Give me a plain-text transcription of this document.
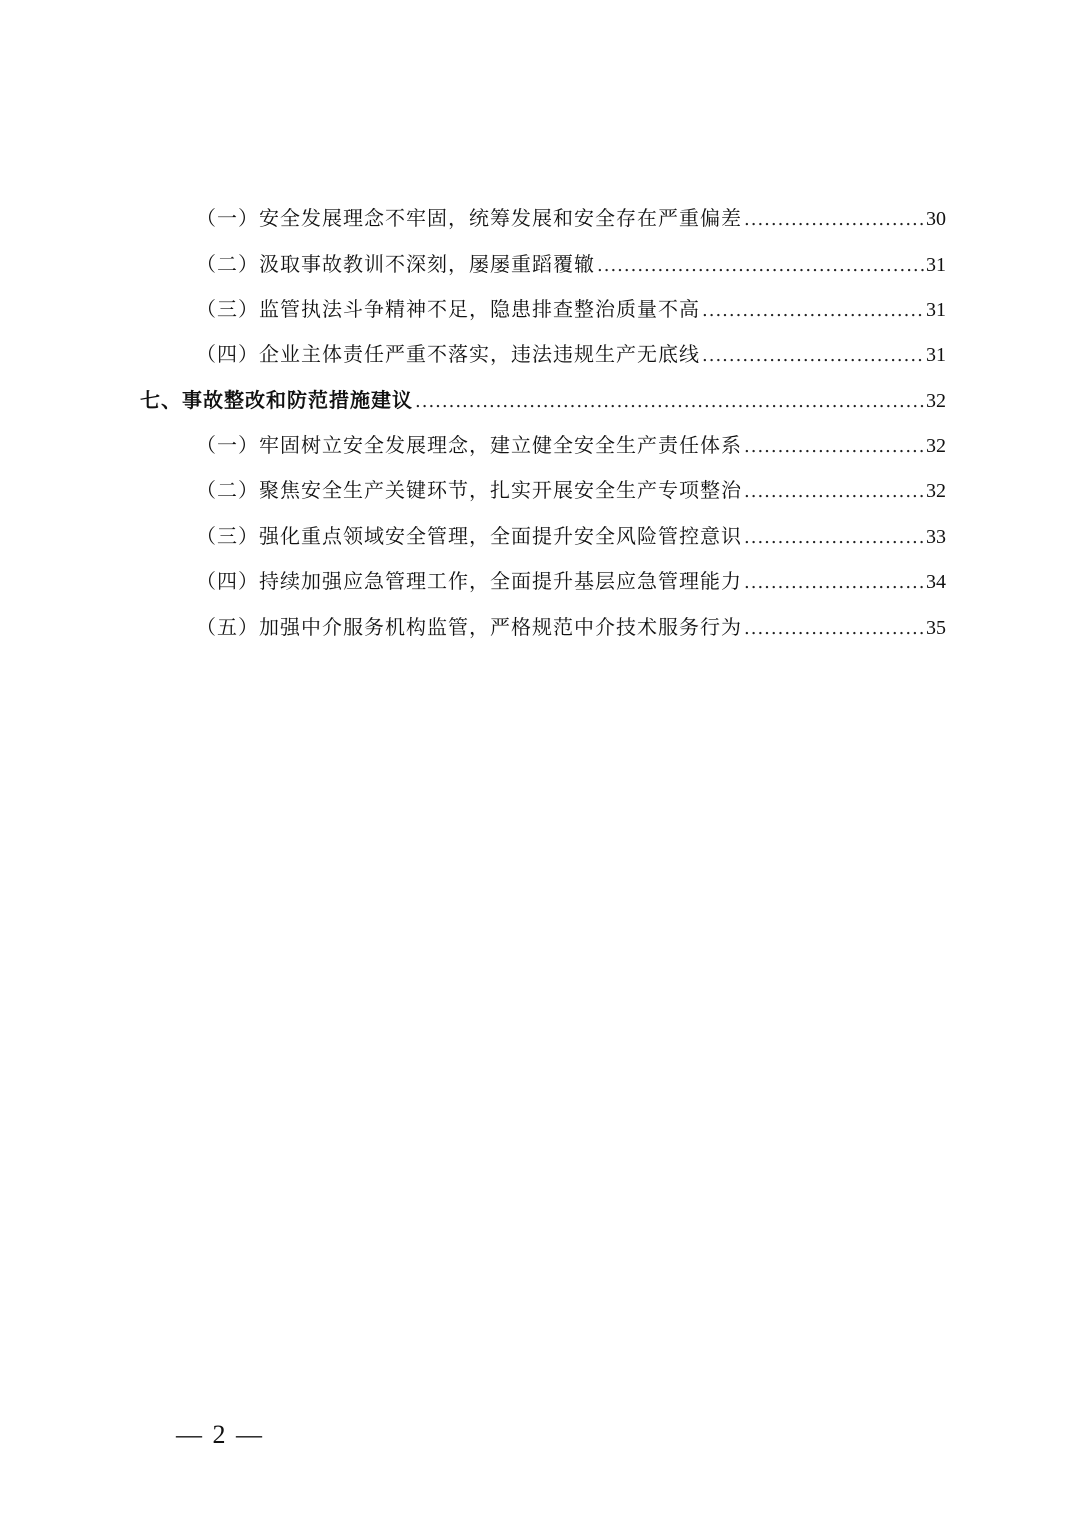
（一）安全发展理念不牢固，统筹发展和安全存在严重偏差 .....	30
（二）汲取事故教训不深刻，屡屡重蹈覆辙 .....	31
（三）监管执法斗争精神不足，隐患排查整治质量不高 .....	31
（四）企业主体责任严重不落实，违法违规生产无底线 .....	31
七、事故整改和防范措施建议 .....	32
（一）牢固树立安全发展理念，建立健全安全生产责任体系 .....	32
（二）聚焦安全生产关键环节，扎实开展安全生产专项整治 .....	32
（三）强化重点领域安全管理，全面提升安全风险管控意识 .....	33
（四）持续加强应急管理工作，全面提升基层应急管理能力 .....	34
（五）加强中介服务机构监管，严格规范中介技术服务行为 .....	35
— 2 —
